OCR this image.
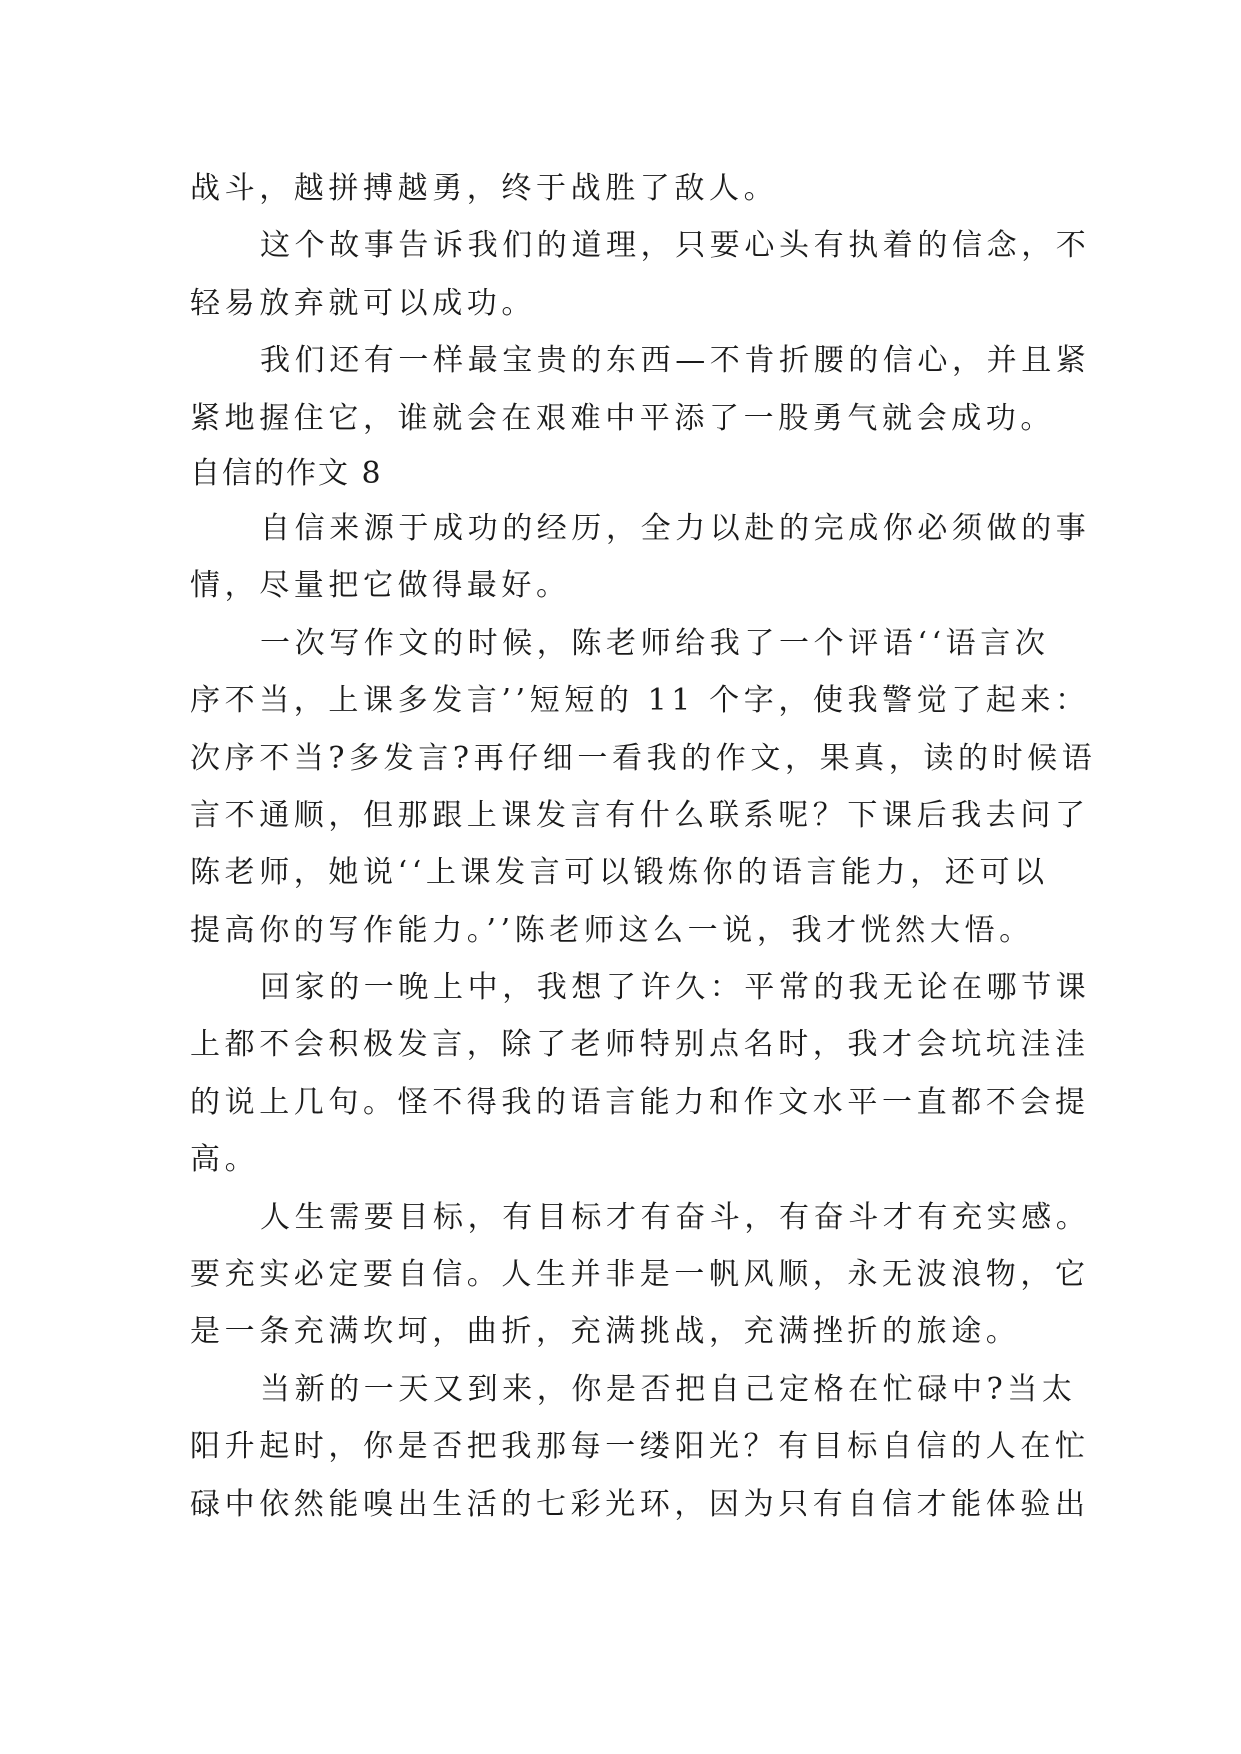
战斗，越拼搏越勇，终于战胜了敌人。
这个故事告诉我们的道理，只要心头有执着的信念，不
轻易放弃就可以成功。
我们还有一样最宝贵的东西—不肯折腰的信心，并且紧
紧地握住它，谁就会在艰难中平添了一股勇气就会成功。
自信的作文 8
自信来源于成功的经历，全力以赴的完成你必须做的事
情，尽量把它做得最好。
一次写作文的时候，陈老师给我了一个评语‘‘语言次
序不当，上课多发言’’短短的 11 个字，使我警觉了起来：
次序不当?多发言?再仔细一看我的作文，果真，读的时候语
言不通顺，但那跟上课发言有什么联系呢？下课后我去问了
陈老师，她说‘‘上课发言可以锻炼你的语言能力，还可以
提高你的写作能力。’’陈老师这么一说，我才恍然大悟。
回家的一晚上中，我想了许久：平常的我无论在哪节课
上都不会积极发言，除了老师特别点名时，我才会坑坑洼洼
的说上几句。怪不得我的语言能力和作文水平一直都不会提
高。
人生需要目标，有目标才有奋斗，有奋斗才有充实感。
要充实必定要自信。人生并非是一帆风顺，永无波浪物，它
是一条充满坎坷，曲折，充满挑战，充满挫折的旅途。
当新的一天又到来，你是否把自己定格在忙碌中?当太
阳升起时，你是否把我那每一缕阳光？有目标自信的人在忙
碌中依然能嗅出生活的七彩光环，因为只有自信才能体验出
